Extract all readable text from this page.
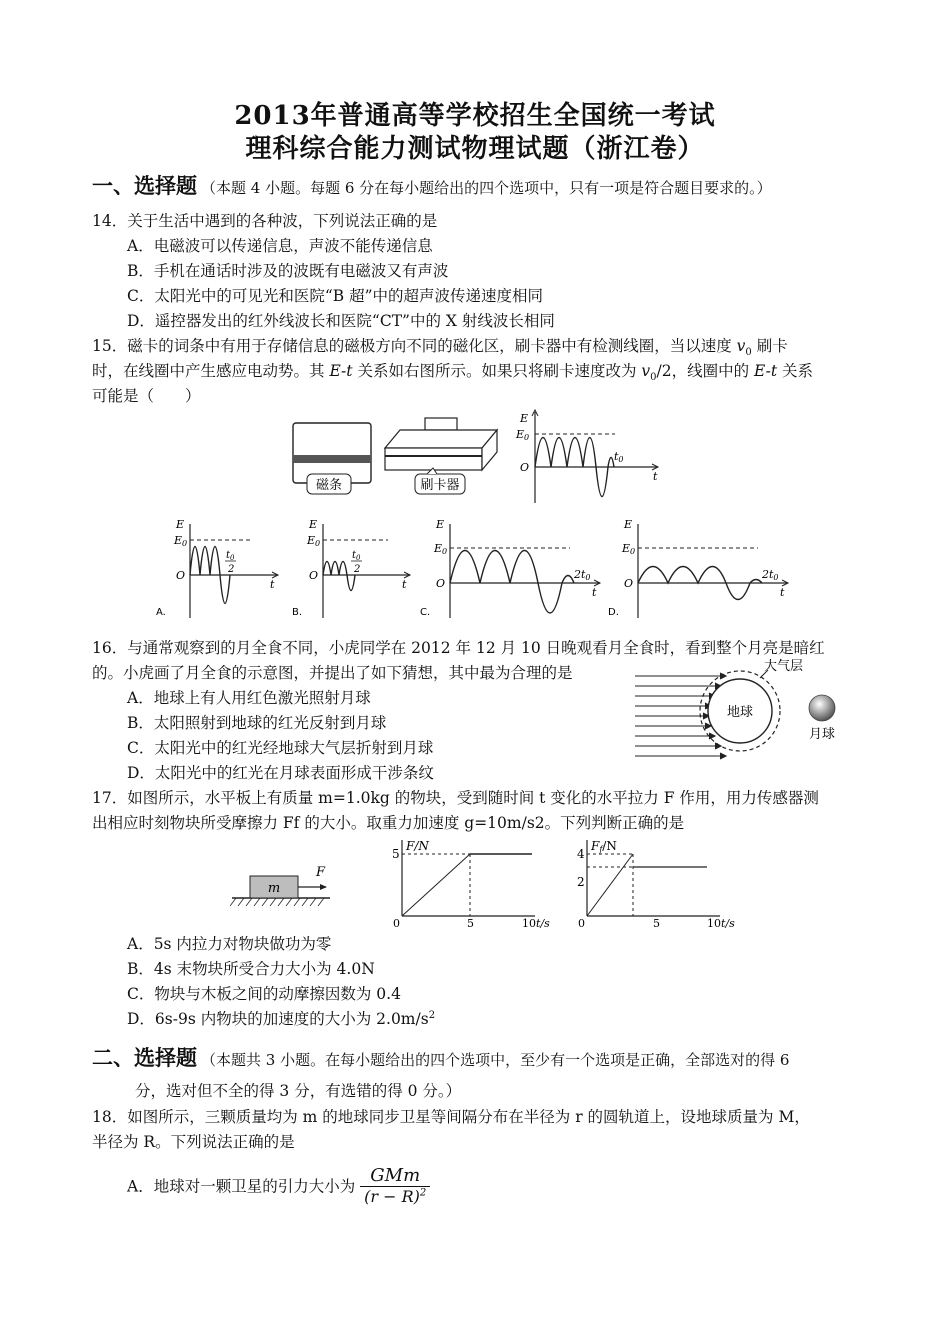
2013年普通高等学校招生全国统一考试
理科综合能力测试物理试题（浙江卷）
一、选择题 （本题 4 小题。每题 6 分在每小题给出的四个选项中，只有一项是符合题目要求的。）
14．关于生活中遇到的各种波，下列说法正确的是
A．电磁波可以传递信息，声波不能传递信息
B．手机在通话时涉及的波既有电磁波又有声波
C．太阳光中的可见光和医院“B 超”中的超声波传递速度相同
D．遥控器发出的红外线波长和医院“CT”中的 X 射线波长相同
15．磁卡的词条中有用于存储信息的磁极方向不同的磁化区，刷卡器中有检测线圈，当以速度 $v_0$ 刷卡
时，在线圈中产生感应电动势。其 E-t 关系如右图所示。如果只将刷卡速度改为 $v_0/2$，线圈中的 E-t 关系
可能是（　　）
磁条	刷卡器
E
E0
O
t0
t
E
E0
O
$t_0$
2
t
A.
E
E0
O
$t_0$
2
t
B.
E
E0
O
2t0
t
C.
E
E0
O
2t0
t
D.
16．与通常观察到的月全食不同，小虎同学在 2012 年 12 月 10 日晚观看月全食时，看到整个月亮是暗红
的。小虎画了月全食的示意图，并提出了如下猜想，其中最为合理的是
A．地球上有人用红色激光照射月球
B．太阳照射到地球的红光反射到月球
C．太阳光中的红光经地球大气层折射到月球
D．太阳光中的红光在月球表面形成干涉条纹
大气层
地球
月球
17．如图所示，水平板上有质量 m=1.0kg 的物块，受到随时间 t 变化的水平拉力 F 作用，用力传感器测
出相应时刻物块所受摩擦力 Ff 的大小。取重力加速度 g=10m/s2。下列判断正确的是
m
F
F/N
5
0	5	10 t/s
Ff/N
4
2
0	5	10 t/s
A．5s 内拉力对物块做功为零
B．4s 末物块所受合力大小为 4.0N
C．物块与木板之间的动摩擦因数为 0.4
D．6s-9s 内物块的加速度的大小为 $2.0m/s^2$
二、选择题 （本题共 3 小题。在每小题给出的四个选项中，至少有一个选项是正确，全部选对的得 6
分，选对但不全的得 3 分，有选错的得 0 分。）
18．如图所示，三颗质量均为 m 的地球同步卫星等间隔分布在半径为 r 的圆轨道上，设地球质量为 M，
半径为 R。下列说法正确的是
A．地球对一颗卫星的引力大小为 $\frac{\text{GMm}}{(r - R)^2}$
